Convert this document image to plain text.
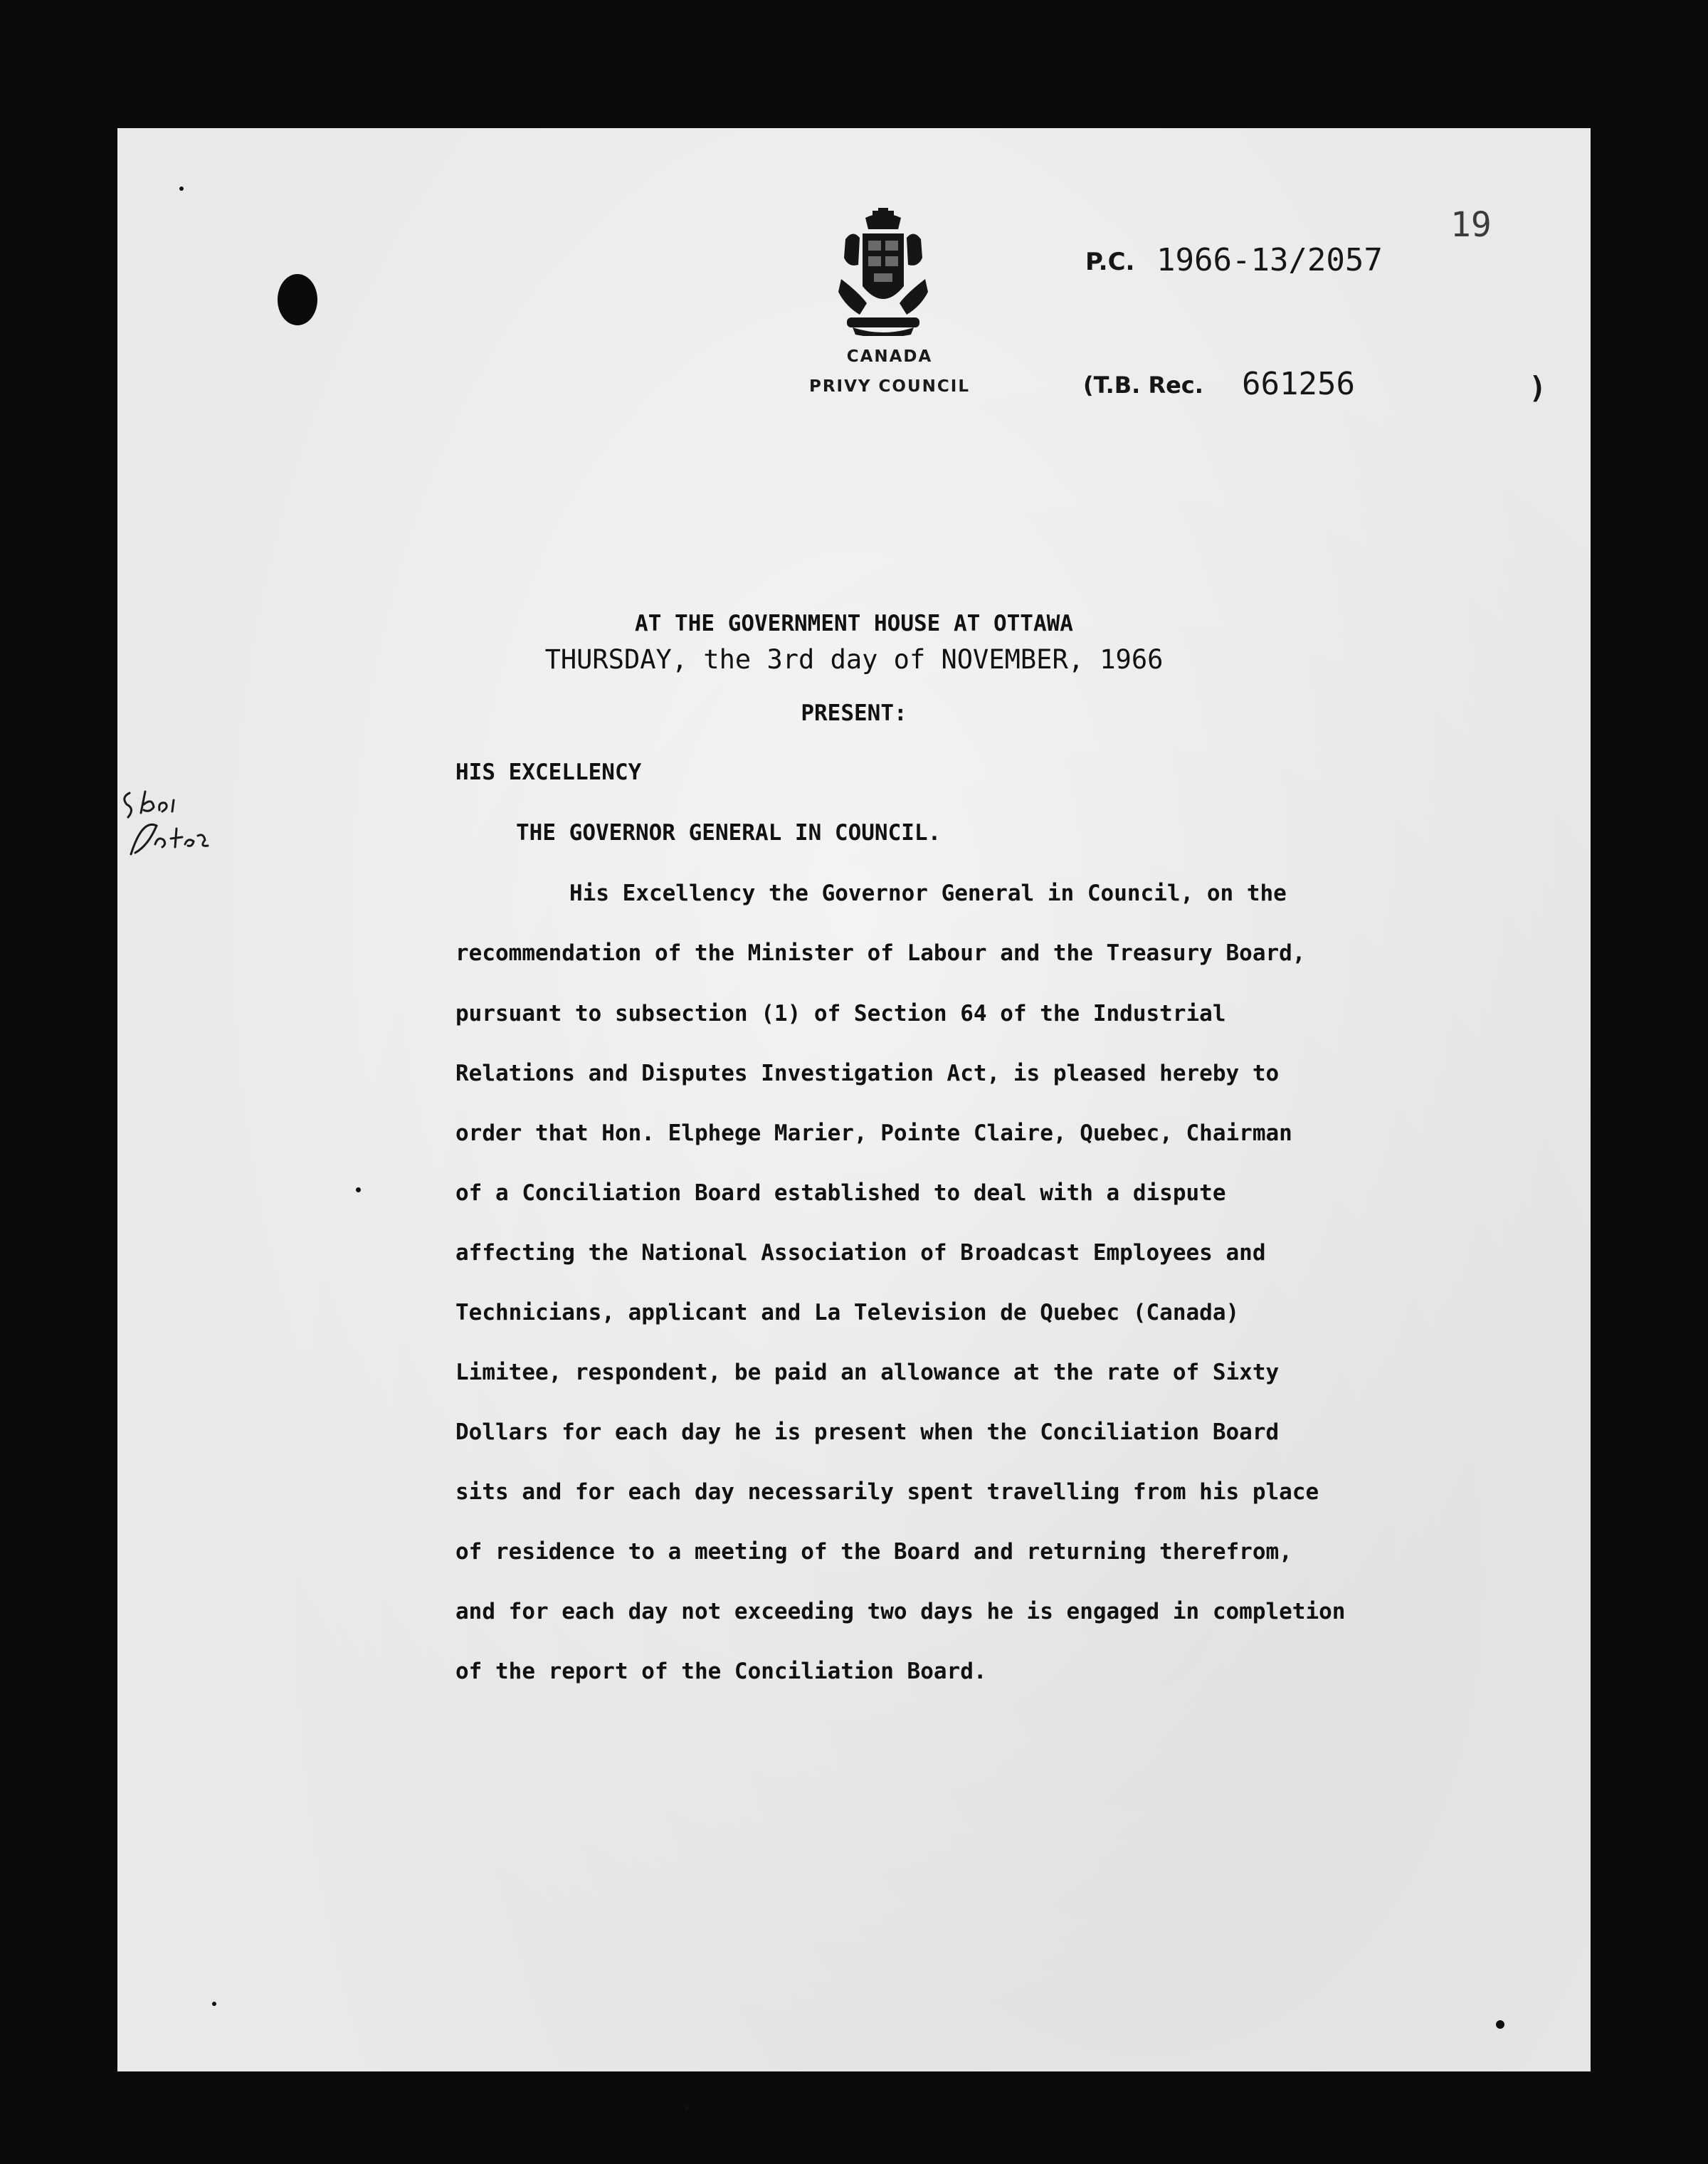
CANADA
PRIVY COUNCIL
P.C. 1966-13/2057
19
(T.B. Rec. 661256	)
AT THE GOVERNMENT HOUSE AT OTTAWA
THURSDAY, the 3rd day of NOVEMBER, 1966
PRESENT:
HIS EXCELLENCY
THE GOVERNOR GENERAL IN COUNCIL.
His Excellency the Governor General in Council, on the
recommendation of the Minister of Labour and the Treasury Board,
pursuant to subsection (1) of Section 64 of the Industrial
Relations and Disputes Investigation Act, is pleased hereby to
order that Hon. Elphege Marier, Pointe Claire, Quebec, Chairman
of a Conciliation Board established to deal with a dispute
affecting the National Association of Broadcast Employees and
Technicians, applicant and La Television de Quebec (Canada)
Limitee, respondent, be paid an allowance at the rate of Sixty
Dollars for each day he is present when the Conciliation Board
sits and for each day necessarily spent travelling from his place
of residence to a meeting of the Board and returning therefrom,
and for each day not exceeding two days he is engaged in completion
of the report of the Conciliation Board.
